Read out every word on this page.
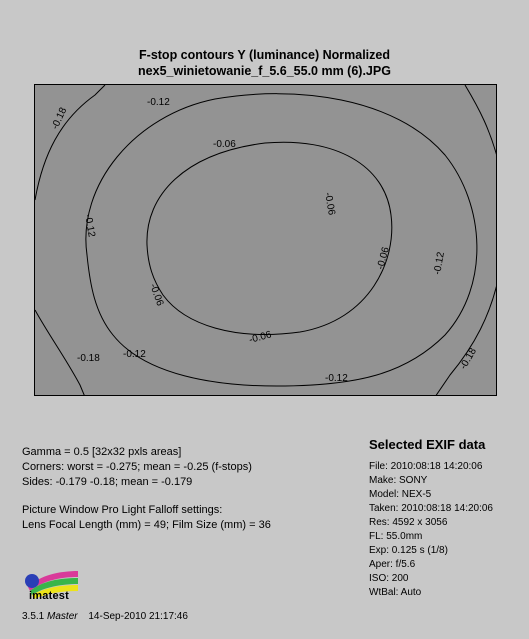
F-stop contours Y (luminance) Normalized
nex5_winietowanie_f_5.6_55.0 mm (6).JPG
-0.06
-0.06
-0.06
-0.06
-0.06
-0.12
-0.12
-0.12
-0.12
-0.12
-0.18
-0.18	-0.18
Gamma = 0.5 [32x32 pxls areas]
Corners: worst = -0.275; mean = -0.25 (f-stops)
Sides: -0.179 -0.18; mean = -0.179
Picture Window Pro Light Falloff settings:
Lens Focal Length (mm) = 49; Film Size (mm) = 36
Selected EXIF data
File: 2010:08:18 14:20:06
Make: SONY
Model: NEX-5
Taken: 2010:08:18 14:20:06
Res: 4592 x 3056
FL: 55.0mm
Exp: 0.125 s (1/8)
Aper: f/5.6
ISO: 200
WtBal: Auto
imatest
3.5.1 Master 14-Sep-2010 21:17:46
